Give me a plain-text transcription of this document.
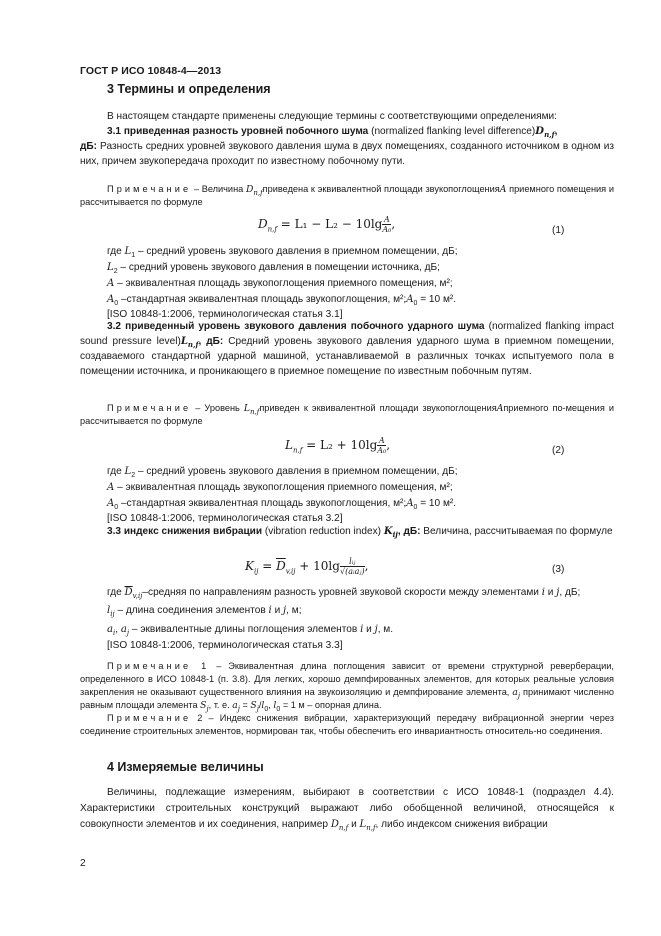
ГОСТ Р ИСО 10848-4—2013
3 Термины и определения
В настоящем стандарте применены следующие термины с соответствующими определениями:
3.1 приведенная разность уровней побочного шума (normalized flanking level $difference)D_{n,f}$,
дБ: Разность средних уровней звукового давления шума в двух помещениях, созданного источником в одном из них, причем звукопередача проходит по известному побочному пути.
Примечание – Величина $D_{n,f}приведена$ к эквивалентной площади звукопоглощенияA приемного помещения и рассчитывается по формуле
$D_{n,f} = L_1 - L_2 - 10\lg \frac{A}{\text{A₀}}$ ,	(1)
где $L_1$ – средний уровень звукового давления в приемном помещении, дБ;
$L_2$ – средний уровень звукового давления в помещении источника, дБ;
A – эквивалентная площадь звукопоглощения приемного помещения, м²;
$A_0$ –стандартная эквивалентная площадь звукопоглощения, $м^2;A_0 = 10$ м².
[ISO 10848-1:2006, терминологическая статья 3.1]
3.2 приведенный уровень звукового давления побочного ударного шума (normalized flanking impact sound pressure $level)L_{n,f}$, дБ: Средний уровень звукового давления ударного шума в приемном помещении, создаваемого стандартной ударной машиной, устанавливаемой в различных точках испытуемого пола в помещении источника, и проникающего в приемное помещение по известным побочным путям.
Примечание – Уровень $L_{n,f}приведен$ к эквивалентной площади звукопоглощенияAприемного по-мещения и рассчитывается по формуле
$L_{n,f} = L_2 + 10\lg \frac{A}{\text{A₀}}$ ,	(2)
где $L_2$ – средний уровень звукового давления в приемном помещении, дБ;
A – эквивалентная площадь звукопоглощения приемного помещения, м²;
$A_0$ –стандартная эквивалентная площадь звукопоглощения, $м^2;A_0 = 10$ м².
[ISO 10848-1:2006, терминологическая статья 3.2]
3.3 индекс снижения вибрации (vibration reduction index) $K_{ij}$, дБ: Величина, рассчитываемая по формуле
$K_{ij} = \overline{D}_{v,ij} + 10\lg \frac{\text{lᵢⱼ}}{\text{√(aᵢaⱼ)}}$ ,	(3)
где $\overline{D}_{v,ij}$–средняя по направлениям разность уровней звуковой скорости между элементами i и j, дБ;
$l_{ij}$ – длина соединения элементов i и j, м;
$a_i$, $a_j$ – эквивалентные длины поглощения элементов i и j, м.
[ISO 10848-1:2006, терминологическая статья 3.3]
Примечание 1 – Эквивалентная длина поглощения зависит от времени структурной реверберации, определенного в ИСО 10848-1 (п. 3.8). Для легких, хорошо демпфированных элементов, для которых реальные условия закрепления не оказывают существенного влияния на звукоизоляцию и демпфирование элемента, $a_j$ принимают численно равным площади элемента $S_j$, т. е. $a_j = S_j/l_0$, $l_0 = 1$ м – опорная длина.
Примечание 2 – Индекс снижения вибрации, характеризующий передачу вибрационной энергии через соединение строительных элементов, нормирован так, чтобы обеспечить его инвариантность относитель-но соединения.
4 Измеряемые величины
Величины, подлежащие измерениям, выбирают в соответствии с ИСО 10848-1 (подраздел 4.4). Характеристики строительных конструкций выражают либо обобщенной величиной, относящейся к совокупности элементов и их соединения, например $D_{n,f}$ и $L_{n,f}$, либо индексом снижения вибрации
2
